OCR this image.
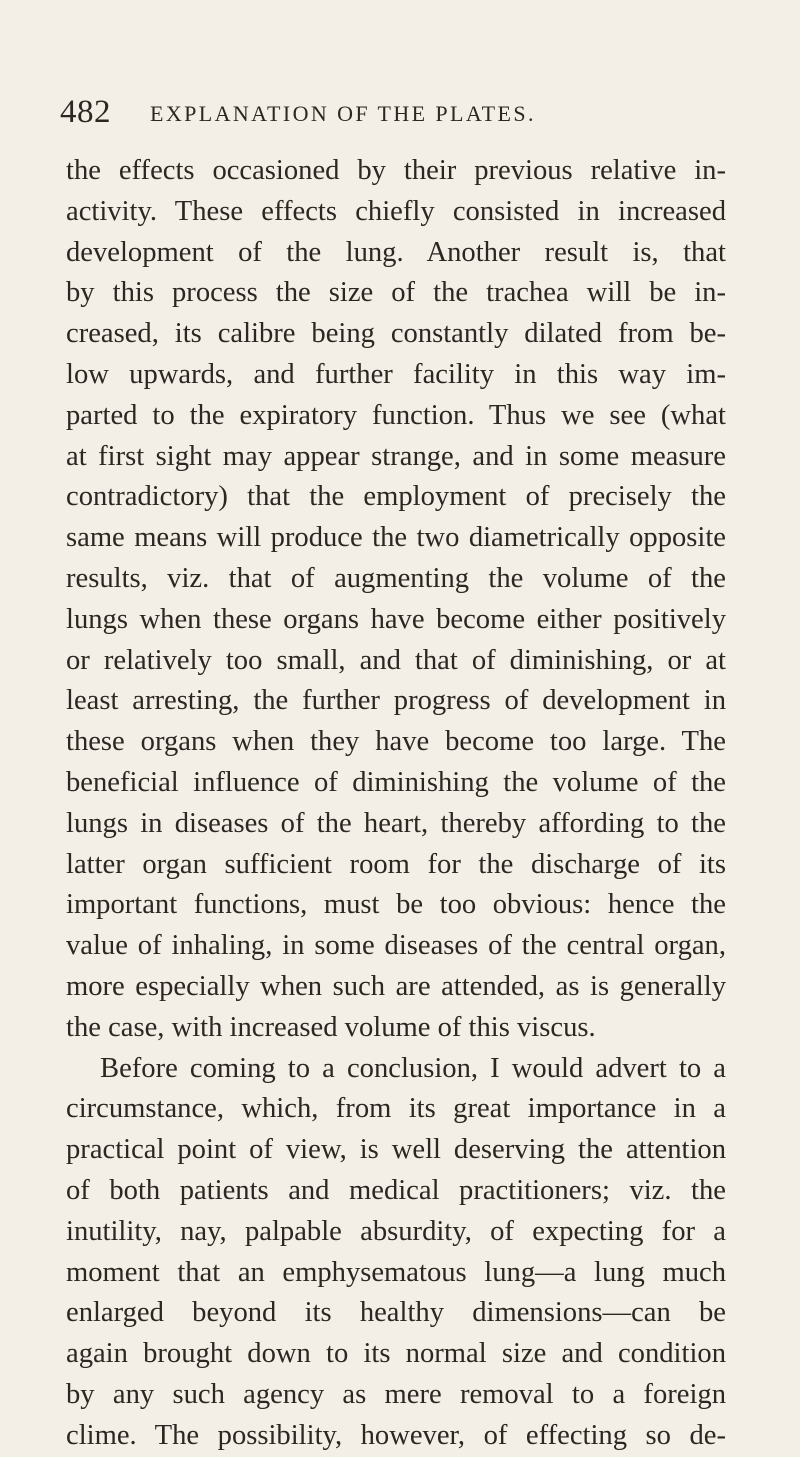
482 EXPLANATION OF THE PLATES.
the effects occasioned by their previous relative in-
activity. These effects chiefly consisted in increased
development of the lung. Another result is, that
by this process the size of the trachea will be in-
creased, its calibre being constantly dilated from be-
low upwards, and further facility in this way im-
parted to the expiratory function. Thus we see (what
at first sight may appear strange, and in some measure
contradictory) that the employment of precisely the
same means will produce the two diametrically opposite
results, viz. that of augmenting the volume of the
lungs when these organs have become either positively
or relatively too small, and that of diminishing, or at
least arresting, the further progress of development in
these organs when they have become too large. The
beneficial influence of diminishing the volume of the
lungs in diseases of the heart, thereby affording to the
latter organ sufficient room for the discharge of its
important functions, must be too obvious: hence the
value of inhaling, in some diseases of the central organ,
more especially when such are attended, as is generally
the case, with increased volume of this viscus.
Before coming to a conclusion, I would advert to a
circumstance, which, from its great importance in a
practical point of view, is well deserving the attention
of both patients and medical practitioners; viz. the
inutility, nay, palpable absurdity, of expecting for a
moment that an emphysematous lung—a lung much
enlarged beyond its healthy dimensions—can be
again brought down to its normal size and condition
by any such agency as mere removal to a foreign
clime. The possibility, however, of effecting so de-
